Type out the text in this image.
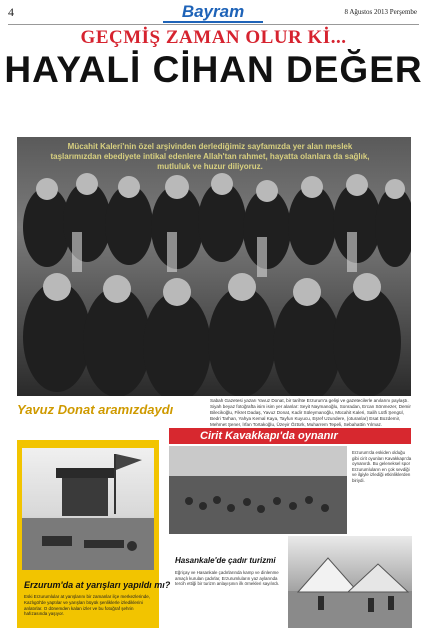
4	Bayram	8 Ağustos 2013 Perşembe
GEÇMİŞ ZAMAN OLUR Kİ...
HAYALİ CİHAN DEĞER
Mücahit Kaleri'nin özel arşivinden derlediğimiz sayfamızda yer alan meslek taşlarımızdan ebediyete intikal edenlere Allah'tan rahmet, hayatta olanlara da sağlık, mutluluk ve huzur diliyoruz.
Yavuz Donat aramızdaydı
Sabah Gazetesi yazarı Yavuz Donat, bir tarihte Erzurum'a gelişi ve gazetecilerle anılarını paylaştı. Siyah beyaz fotoğrafta isim isim yer alanlar: Seyit Naymanoğlu, Sonradan, Ercan Sönmezer, Demir Bilecikoğlu, Fikret Dadaş, Yavuz Donat, Kadir Süleymanoğlu, Mücahit Kaleri, Salih Lütfi Şengül, Bedri Tarhan, Yahya Kemal Kaya, Tayfun Kuyucu, Eşref Uzundere, (oturanlar) Esat Bozdemir, Mehmet Şener, İrfan Tortakoğlu, Üzeyir Öztürk, Muharrem Tepeli, Sebahattin Yılmaz.
Erzurum'da at yarışları yapıldı mı?
Eski Erzurumlular at yarışlarını bir zamanlar ilçe merkezlerinde, Kazlıgöl'de yaptılar ve yarışları büyük şenliklerle izlediklerini anlatırlar. O dönemden kalan izler ve bu fotoğraf şehrin hafızasında yaşıyor.
Cirit Kavakkapı'da oynanır
Erzurum'da eskiden olduğu gibi cirit oyunları Kavakkapı'da oynanırdı. Bu geleneksel spor Erzurumluların en çok sevdiği ve ilgiyle izlediği etkinliklerden biriydi.
Hasankale'de çadır turizmi
Eğriçay ve Hasankale çadırlarında kamp ve dinlenme amaçlı kurulan çadırlar, Erzurumluların yaz aylarında tercih ettiği bir turizm anlayışının ilk örnekleri sayılırdı.
